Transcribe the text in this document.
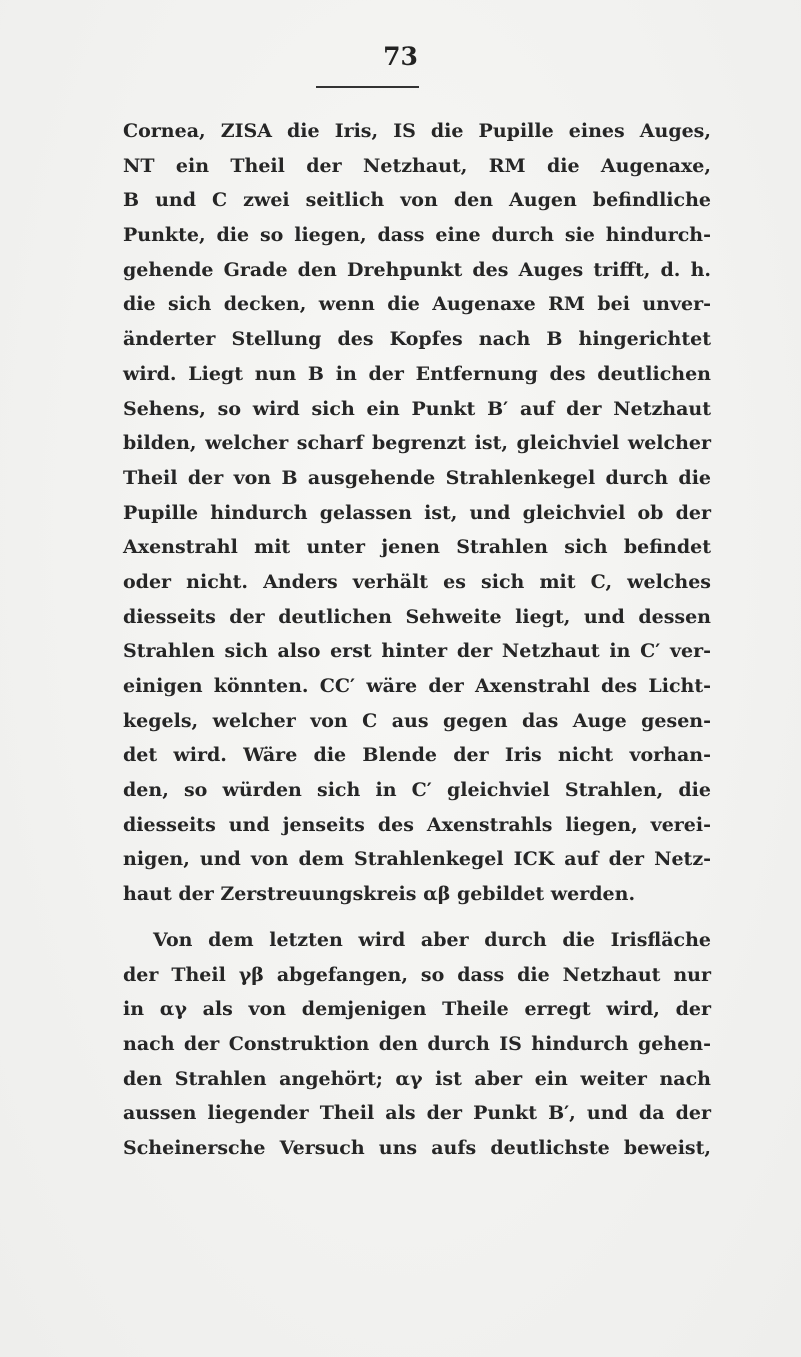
73
Cornea, ZISA die Iris, IS die Pupille eines Auges,
NT ein Theil der Netzhaut, RM die Augenaxe,
B und C zwei seitlich von den Augen befindliche
Punkte, die so liegen, dass eine durch sie hindurch-
gehende Grade den Drehpunkt des Auges trifft, d. h.
die sich decken, wenn die Augenaxe RM bei unver-
änderter Stellung des Kopfes nach B hingerichtet
wird. Liegt nun B in der Entfernung des deutlichen
Sehens, so wird sich ein Punkt B′ auf der Netzhaut
bilden, welcher scharf begrenzt ist, gleichviel welcher
Theil der von B ausgehende Strahlenkegel durch die
Pupille hindurch gelassen ist, und gleichviel ob der
Axenstrahl mit unter jenen Strahlen sich befindet
oder nicht. Anders verhält es sich mit C, welches
diesseits der deutlichen Sehweite liegt, und dessen
Strahlen sich also erst hinter der Netzhaut in C′ ver-
einigen könnten. CC′ wäre der Axenstrahl des Licht-
kegels, welcher von C aus gegen das Auge gesen-
det wird. Wäre die Blende der Iris nicht vorhan-
den, so würden sich in C′ gleichviel Strahlen, die
diesseits und jenseits des Axenstrahls liegen, verei-
nigen, und von dem Strahlenkegel ICK auf der Netz-
haut der Zerstreuungskreis αβ gebildet werden.
Von dem letzten wird aber durch die Irisfläche
der Theil γβ abgefangen, so dass die Netzhaut nur
in αγ als von demjenigen Theile erregt wird, der
nach der Construktion den durch IS hindurch gehen-
den Strahlen angehört; αγ ist aber ein weiter nach
aussen liegender Theil als der Punkt B′, und da der
Scheinersche Versuch uns aufs deutlichste beweist,
